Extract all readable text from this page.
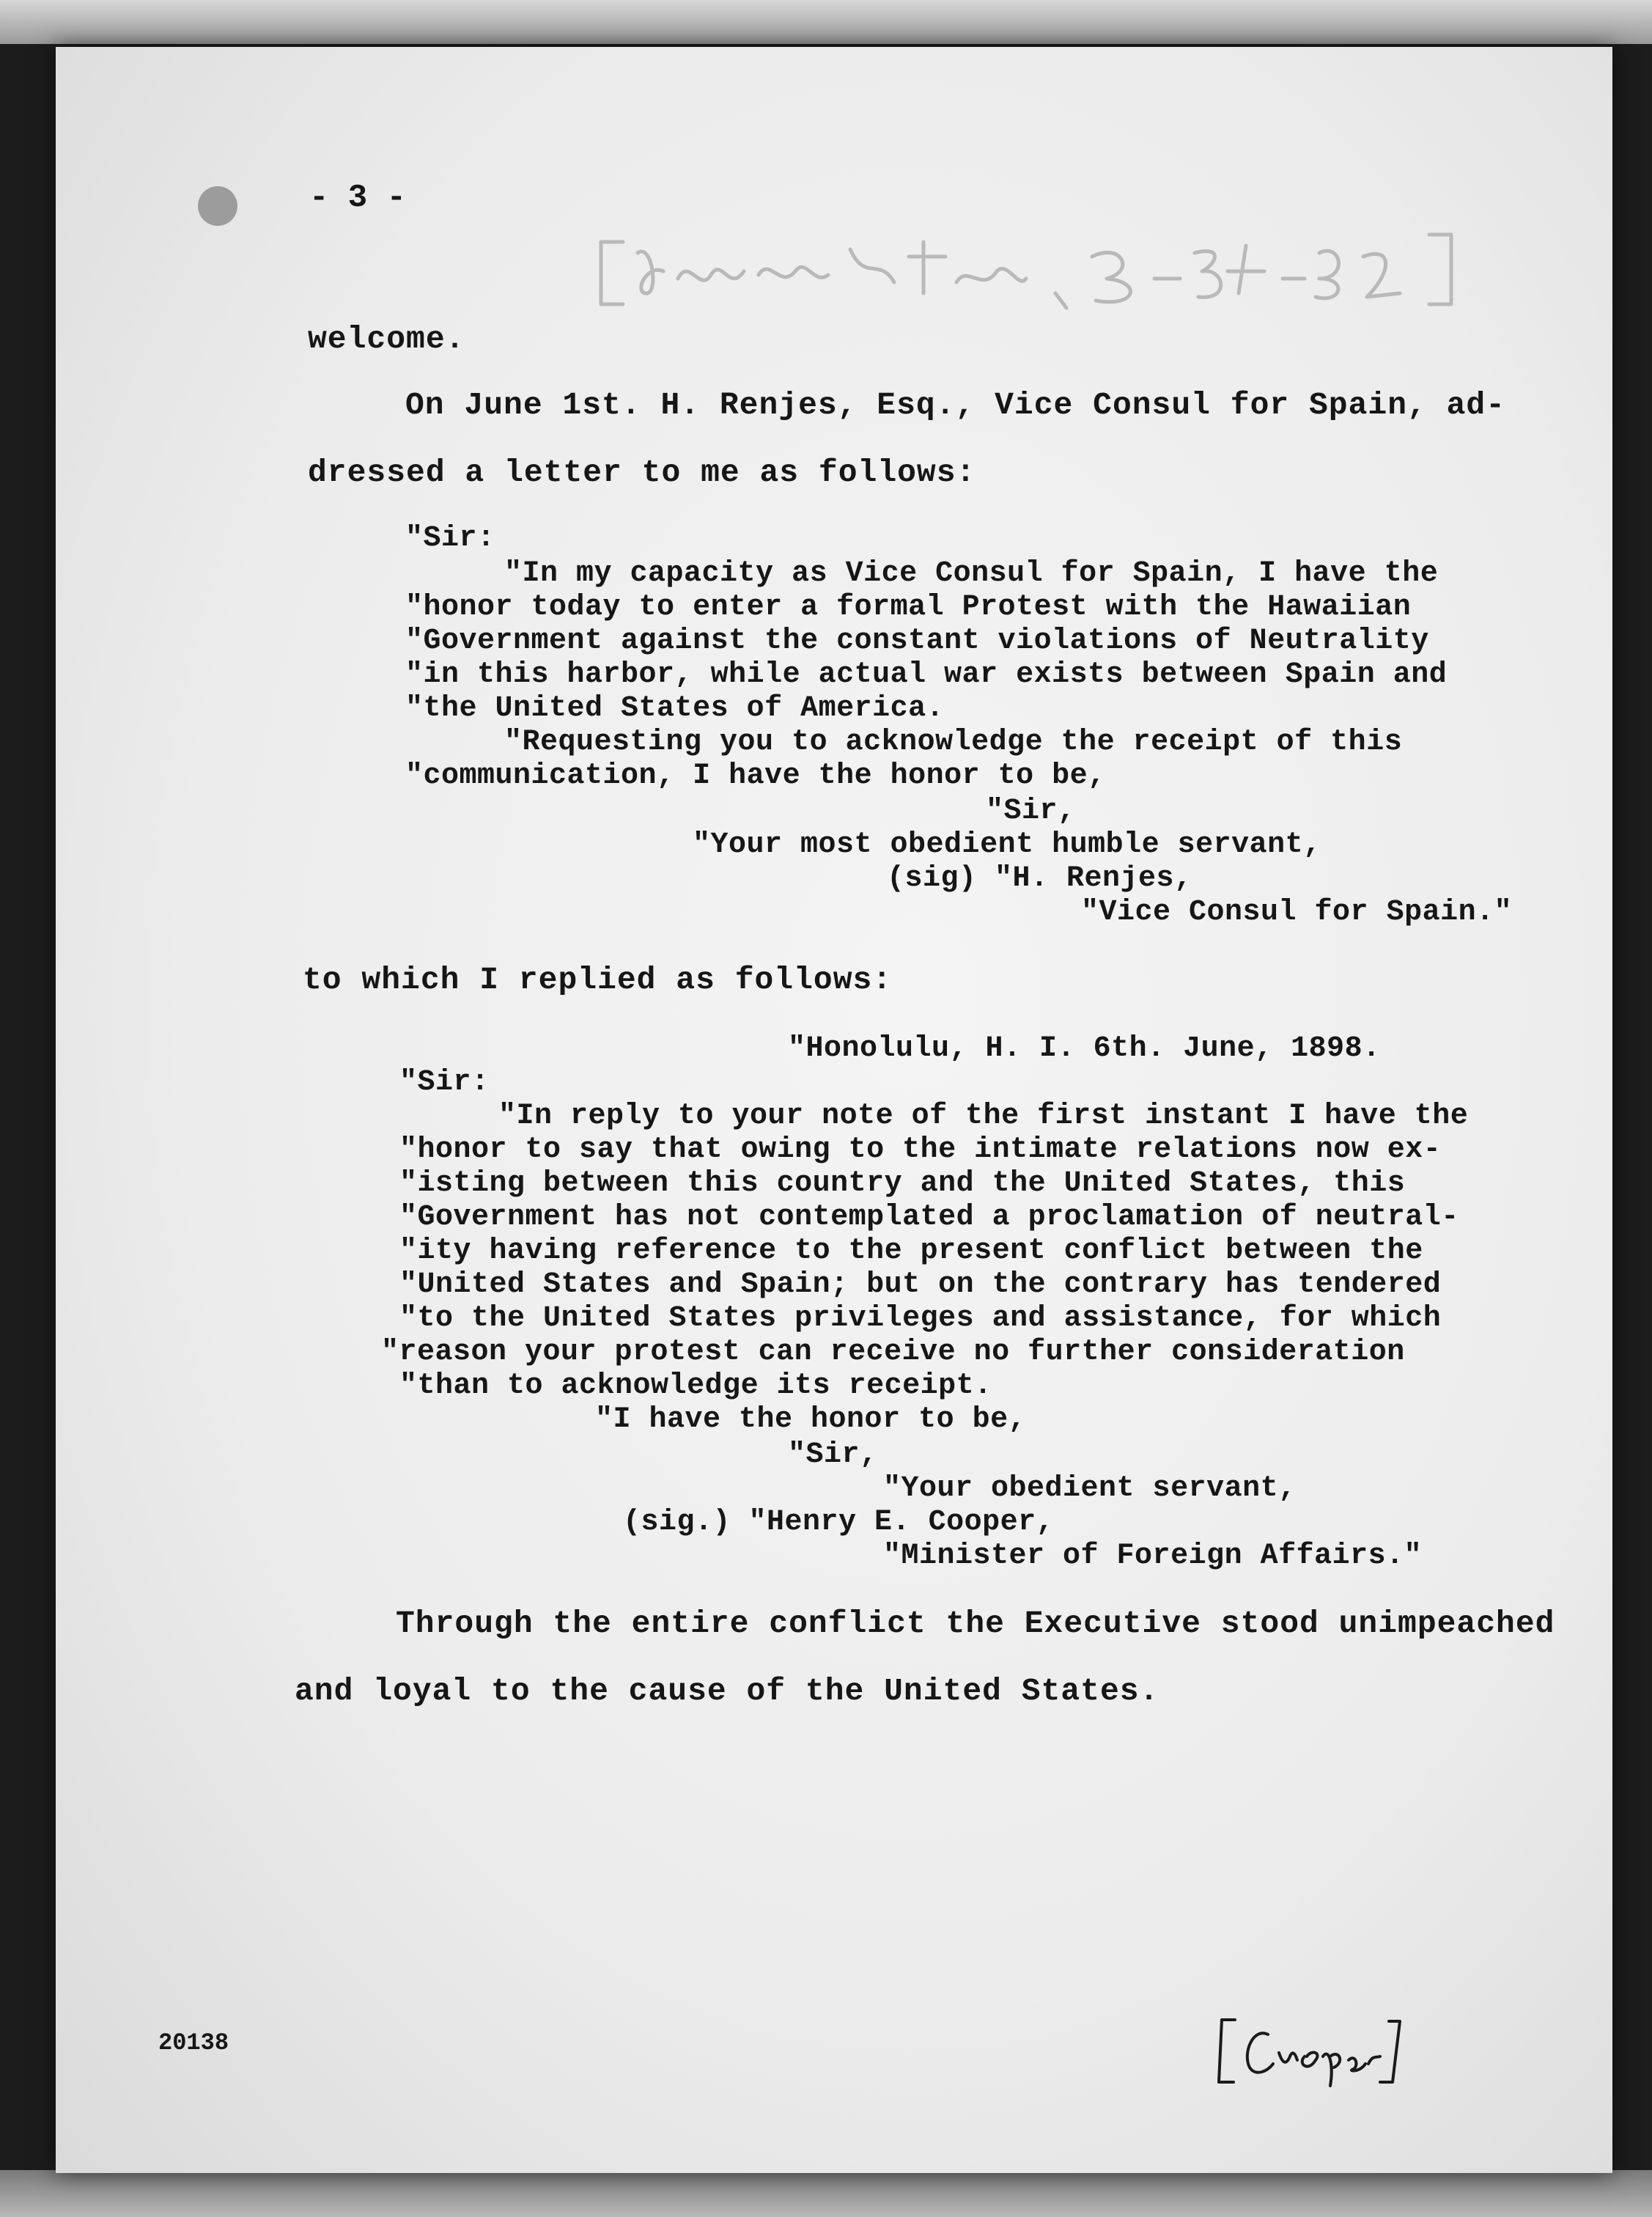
- 3 -
welcome.
On June 1st. H. Renjes, Esq., Vice Consul for Spain, ad-
dressed a letter to me as follows:
"Sir:
"In my capacity as Vice Consul for Spain, I have the
"honor today to enter a formal Protest with the Hawaiian
"Government against the constant violations of Neutrality
"in this harbor, while actual war exists between Spain and
"the United States of America.
"Requesting you to acknowledge the receipt of this
"communication, I have the honor to be,
"Sir,
"Your most obedient humble servant,
(sig) "H. Renjes,
"Vice Consul for Spain."
to which I replied as follows:
"Honolulu, H. I. 6th. June, 1898.
"Sir:
"In reply to your note of the first instant I have the
"honor to say that owing to the intimate relations now ex-
"isting between this country and the United States, this
"Government has not contemplated a proclamation of neutral-
"ity having reference to the present conflict between the
"United States and Spain; but on the contrary has tendered
"to the United States privileges and assistance, for which
"reason your protest can receive no further consideration
"than to acknowledge its receipt.
"I have the honor to be,
"Sir,
"Your obedient servant,
(sig.) "Henry E. Cooper,
"Minister of Foreign Affairs."
Through the entire conflict the Executive stood unimpeached
and loyal to the cause of the United States.
20138
